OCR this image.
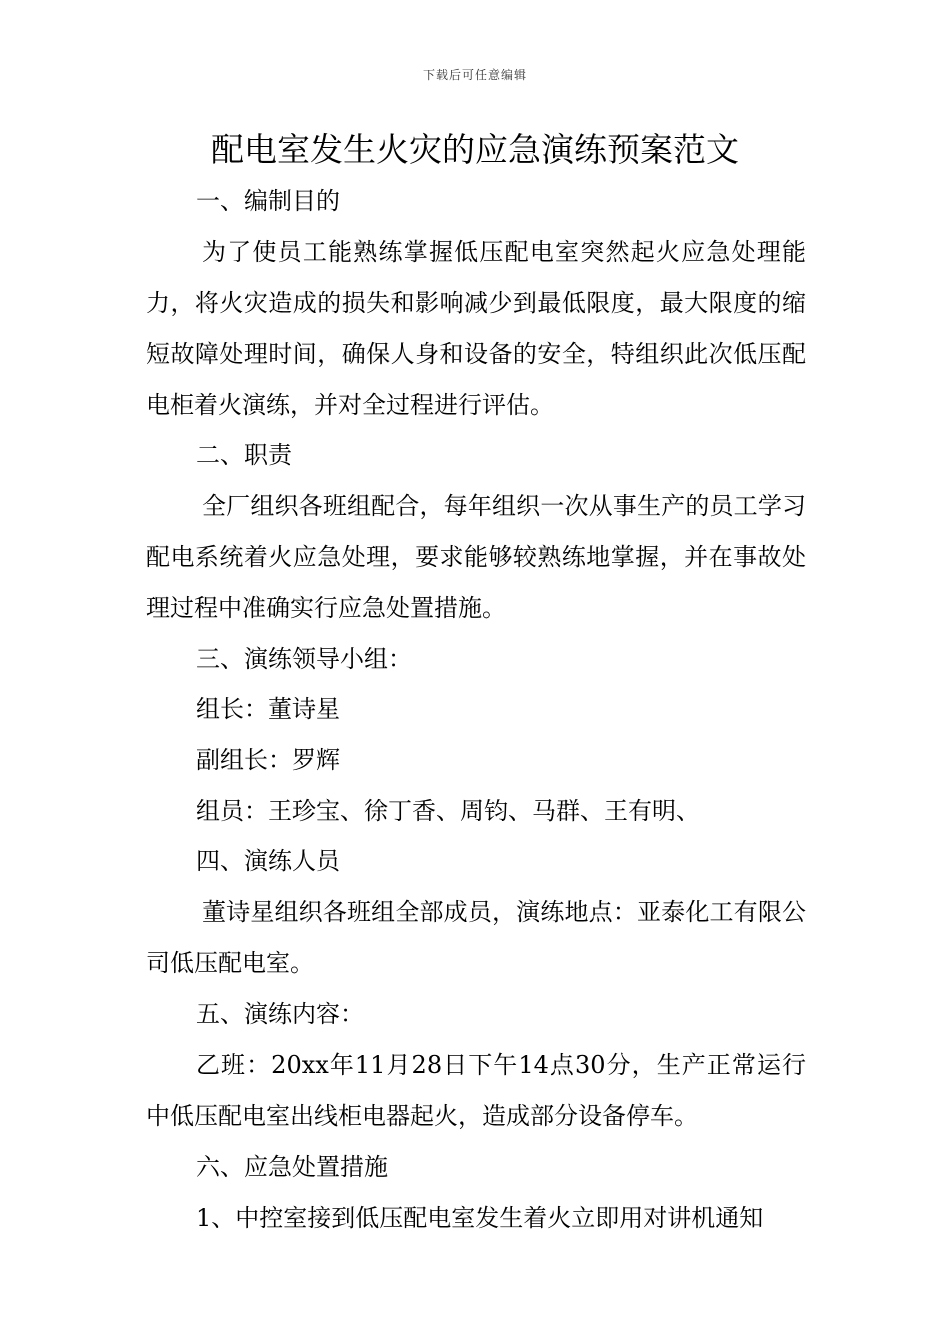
下载后可任意编辑
配电室发生火灾的应急演练预案范文

一、编制目的

为了使员工能熟练掌握低压配电室突然起火应急处理能力，将火灾造成的损失和影响减少到最低限度，最大限度的缩短故障处理时间，确保人身和设备的安全，特组织此次低压配电柜着火演练，并对全过程进行评估。

二、职责

全厂组织各班组配合，每年组织一次从事生产的员工学习配电系统着火应急处理，要求能够较熟练地掌握，并在事故处理过程中准确实行应急处置措施。

三、演练领导小组：

组长：董诗星

副组长：罗辉

组员：王珍宝、徐丁香、周钧、马群、王有明、

四、演练人员

董诗星组织各班组全部成员，演练地点：亚泰化工有限公司低压配电室。

五、演练内容：

乙班：20xx年11月28日下午14点30分，生产正常运行中低压配电室出线柜电器起火，造成部分设备停车。

六、应急处置措施

1、中控室接到低压配电室发生着火立即用对讲机通知
